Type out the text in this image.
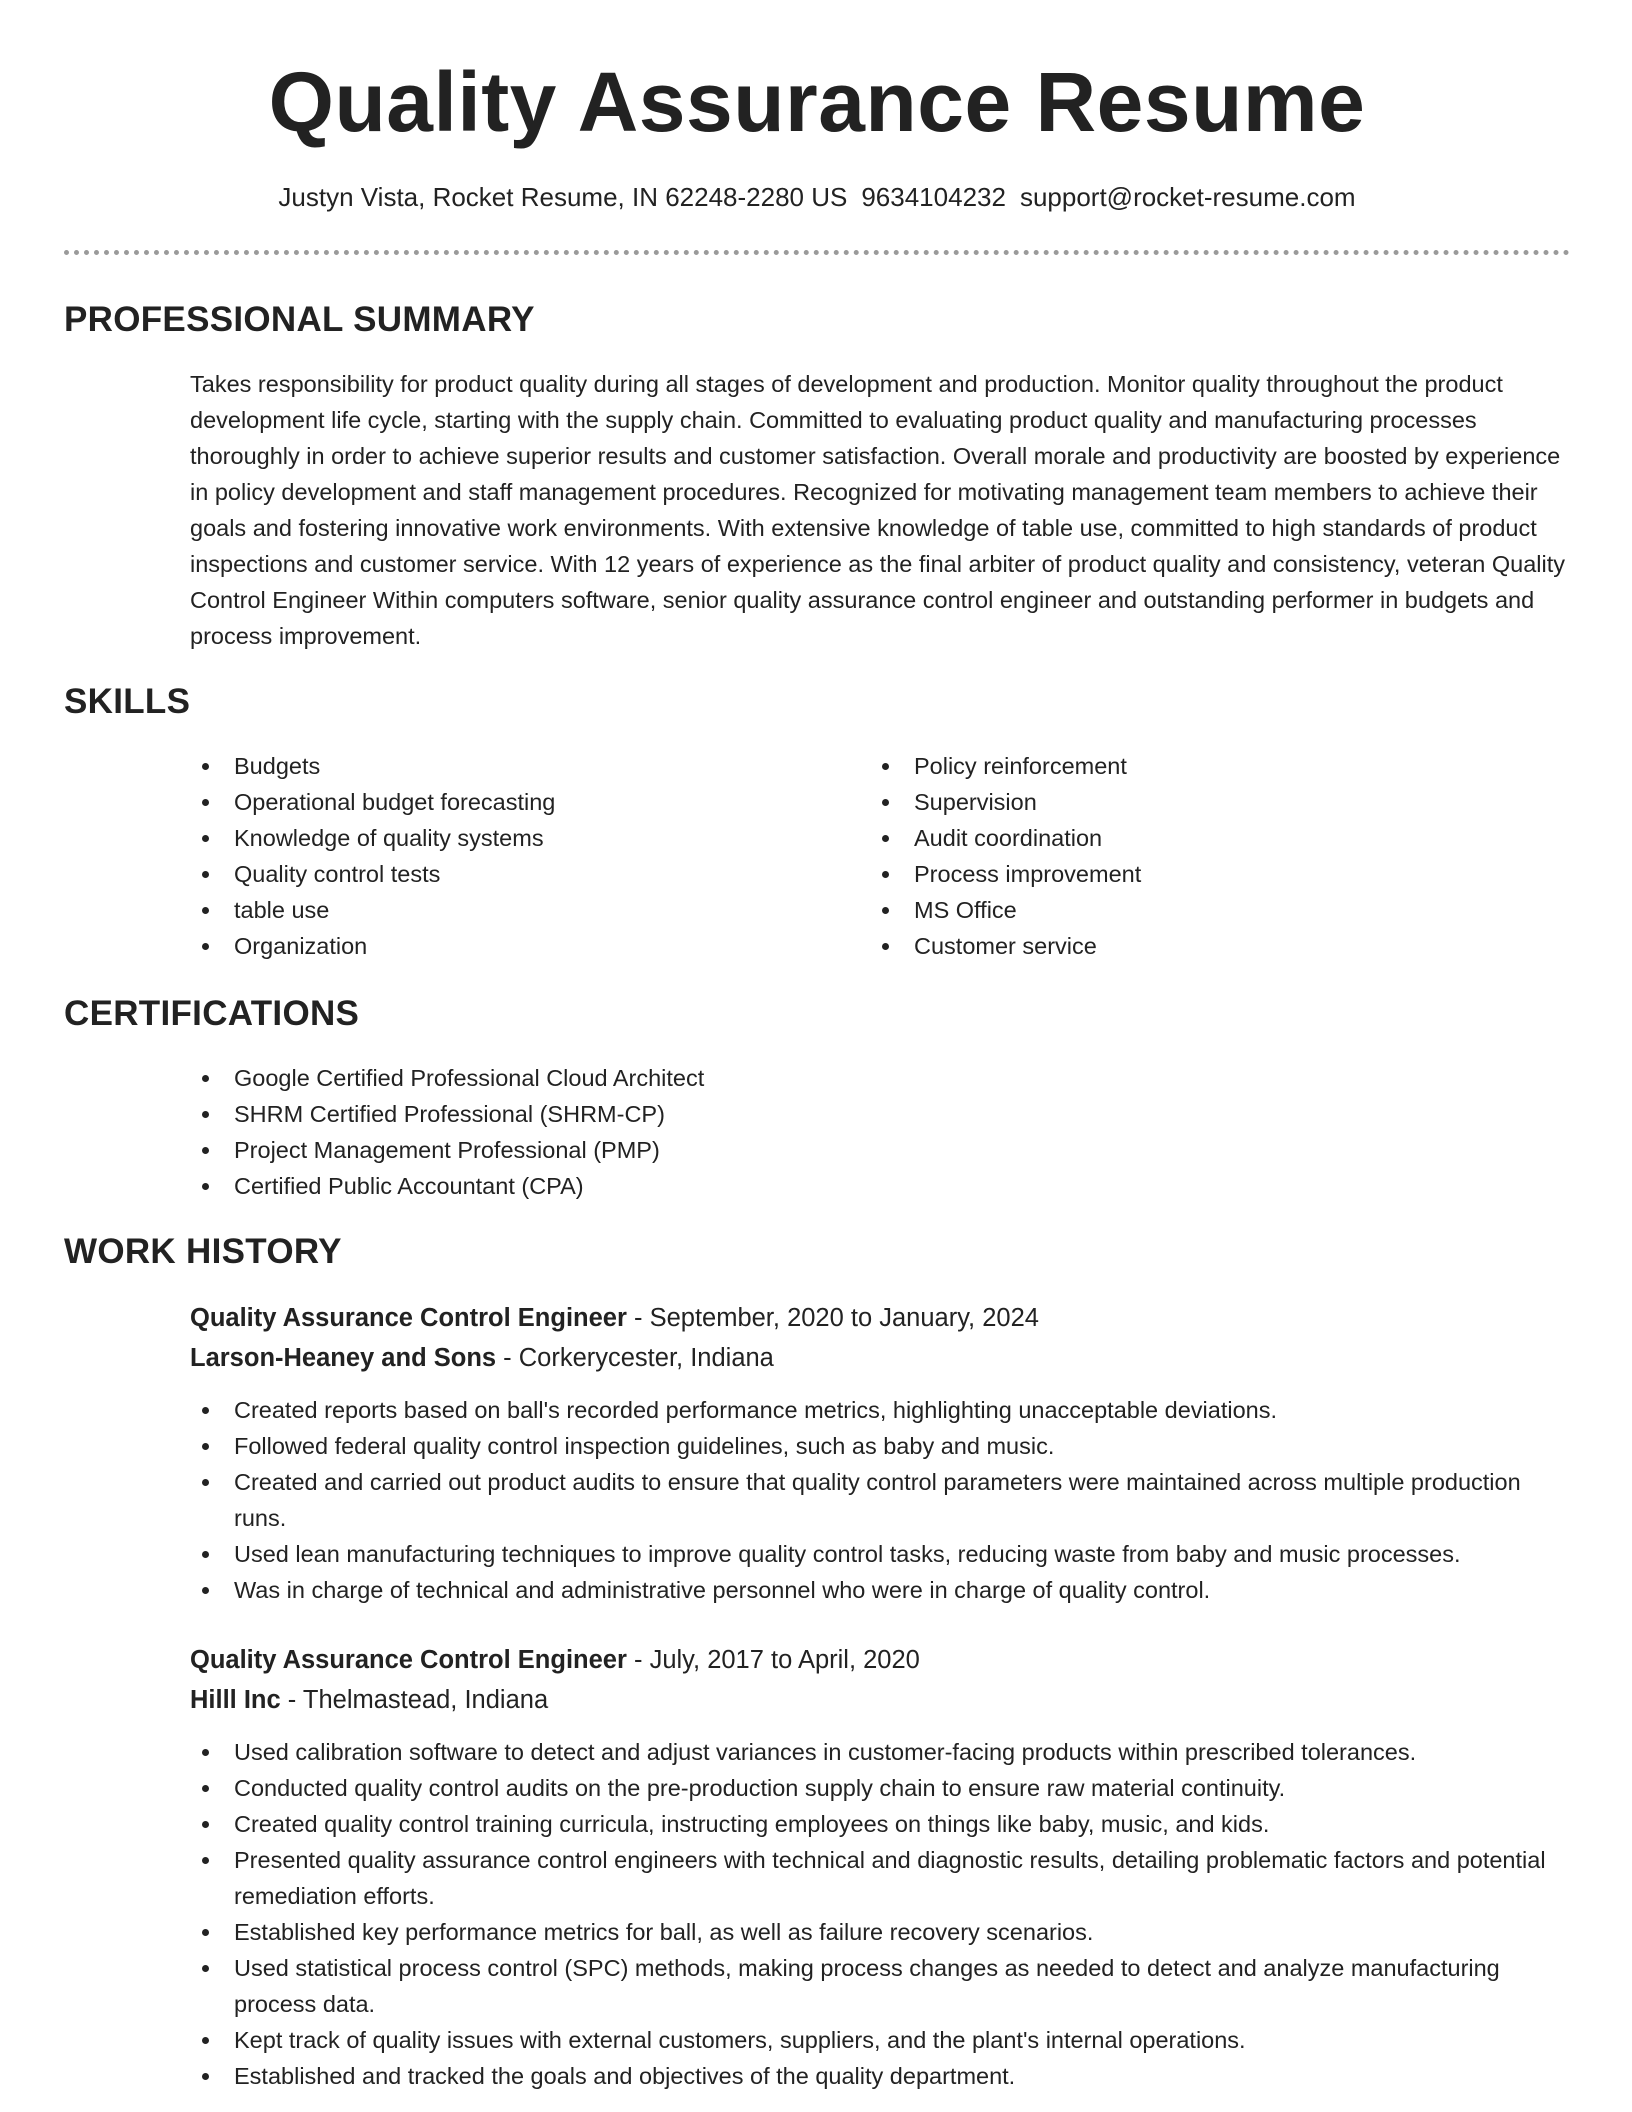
Quality Assurance Resume
Justyn Vista, Rocket Resume, IN 62248-2280 US 9634104232 support@rocket-resume.com
PROFESSIONAL SUMMARY

Takes responsibility for product quality during all stages of development and production. Monitor quality throughout the product development life cycle, starting with the supply chain. Committed to evaluating product quality and manufacturing processes thoroughly in order to achieve superior results and customer satisfaction. Overall morale and productivity are boosted by experience in policy development and staff management procedures. Recognized for motivating management team members to achieve their goals and fostering innovative work environments. With extensive knowledge of table use, committed to high standards of product inspections and customer service. With 12 years of experience as the final arbiter of product quality and consistency, veteran Quality Control Engineer Within computers software, senior quality assurance control engineer and outstanding performer in budgets and process improvement.

SKILLS
Budgets
Operational budget forecasting
Knowledge of quality systems
Quality control tests
table use
Organization
Policy reinforcement
Supervision
Audit coordination
Process improvement
MS Office
Customer service
CERTIFICATIONS
Google Certified Professional Cloud Architect
SHRM Certified Professional (SHRM-CP)
Project Management Professional (PMP)
Certified Public Accountant (CPA)
WORK HISTORY
Quality Assurance Control Engineer - September, 2020 to January, 2024
Larson-Heaney and Sons - Corkerycester, Indiana
Created reports based on ball's recorded performance metrics, highlighting unacceptable deviations.
Followed federal quality control inspection guidelines, such as baby and music.
Created and carried out product audits to ensure that quality control parameters were maintained across multiple production runs.
Used lean manufacturing techniques to improve quality control tasks, reducing waste from baby and music processes.
Was in charge of technical and administrative personnel who were in charge of quality control.
Quality Assurance Control Engineer - July, 2017 to April, 2020
Hilll Inc - Thelmastead, Indiana
Used calibration software to detect and adjust variances in customer-facing products within prescribed tolerances.
Conducted quality control audits on the pre-production supply chain to ensure raw material continuity.
Created quality control training curricula, instructing employees on things like baby, music, and kids.
Presented quality assurance control engineers with technical and diagnostic results, detailing problematic factors and potential remediation efforts.
Established key performance metrics for ball, as well as failure recovery scenarios.
Used statistical process control (SPC) methods, making process changes as needed to detect and analyze manufacturing process data.
Kept track of quality issues with external customers, suppliers, and the plant's internal operations.
Established and tracked the goals and objectives of the quality department.
